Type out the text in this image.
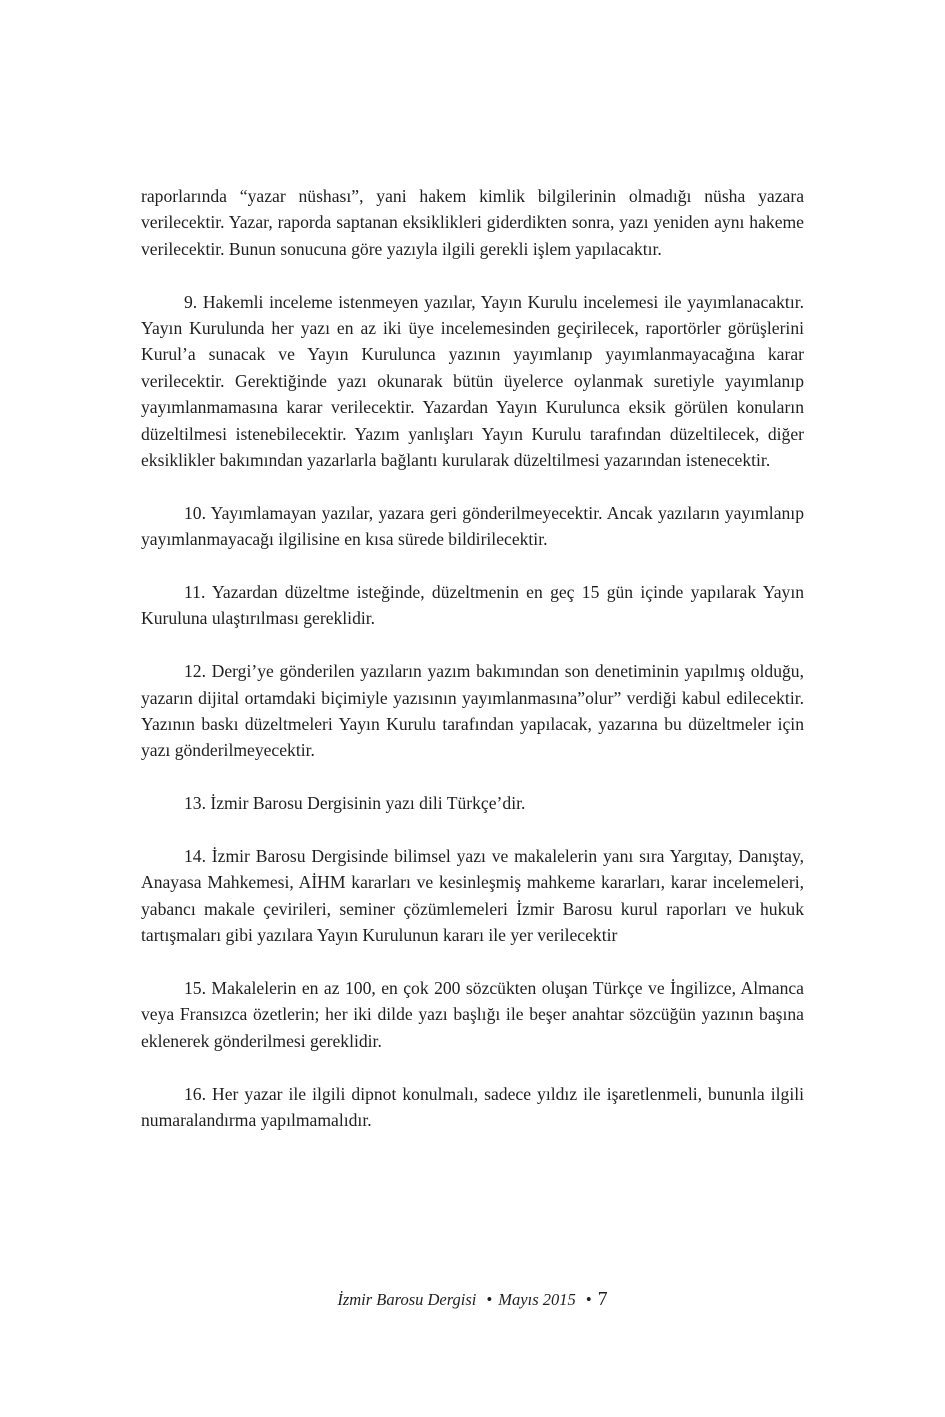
raporlarında “yazar nüshası”, yani hakem kimlik bilgilerinin olmadığı nüsha yazara verilecektir. Yazar, raporda saptanan eksiklikleri giderdikten sonra, yazı yeniden aynı hakeme verilecektir. Bunun sonucuna göre yazıyla ilgili gerekli işlem yapılacaktır.

9. Hakemli inceleme istenmeyen yazılar, Yayın Kurulu incelemesi ile yayımlanacaktır. Yayın Kurulunda her yazı en az iki üye incelemesinden geçirilecek, raportörler görüşlerini Kurul’a sunacak ve Yayın Kurulunca yazının yayımlanıp yayımlanmayacağına karar verilecektir. Gerektiğinde yazı okunarak bütün üyelerce oylanmak suretiyle yayımlanıp yayımlanmamasına karar verilecektir. Yazardan Yayın Kurulunca eksik görülen konuların düzeltilmesi istenebilecektir. Yazım yanlışları Yayın Kurulu tarafından düzeltilecek, diğer eksiklikler bakımından yazarlarla bağlantı kurularak düzeltilmesi yazarından istenecektir.

10. Yayımlamayan yazılar, yazara geri gönderilmeyecektir. Ancak yazıların yayımlanıp yayımlanmayacağı ilgilisine en kısa sürede bildirilecektir.

11. Yazardan düzeltme isteğinde, düzeltmenin en geç 15 gün içinde yapılarak Yayın Kuruluna ulaştırılması gereklidir.

12. Dergi’ye gönderilen yazıların yazım bakımından son denetiminin yapılmış olduğu, yazarın dijital ortamdaki biçimiyle yazısının yayımlanmasına”olur” verdiği kabul edilecektir. Yazının baskı düzeltmeleri Yayın Kurulu tarafından yapılacak, yazarına bu düzeltmeler için yazı gönderilmeyecektir.

13. İzmir Barosu Dergisinin yazı dili Türkçe’dir.

14. İzmir Barosu Dergisinde bilimsel yazı ve makalelerin yanı sıra Yargıtay, Danıştay, Anayasa Mahkemesi, AİHM kararları ve kesinleşmiş mahkeme kararları, karar incelemeleri, yabancı makale çevirileri, seminer çözümlemeleri İzmir Barosu kurul raporları ve hukuk tartışmaları gibi yazılara Yayın Kurulunun kararı ile yer verilecektir

15. Makalelerin en az 100, en çok 200 sözcükten oluşan Türkçe ve İngilizce, Almanca veya Fransızca özetlerin; her iki dilde yazı başlığı ile beşer anahtar sözcüğün yazının başına eklenerek gönderilmesi gereklidir.

16. Her yazar ile ilgili dipnot konulmalı, sadece yıldız ile işaretlenmeli, bununla ilgili numaralandırma yapılmamalıdır.

İzmir Barosu Dergisi • Mayıs 2015 • 7
